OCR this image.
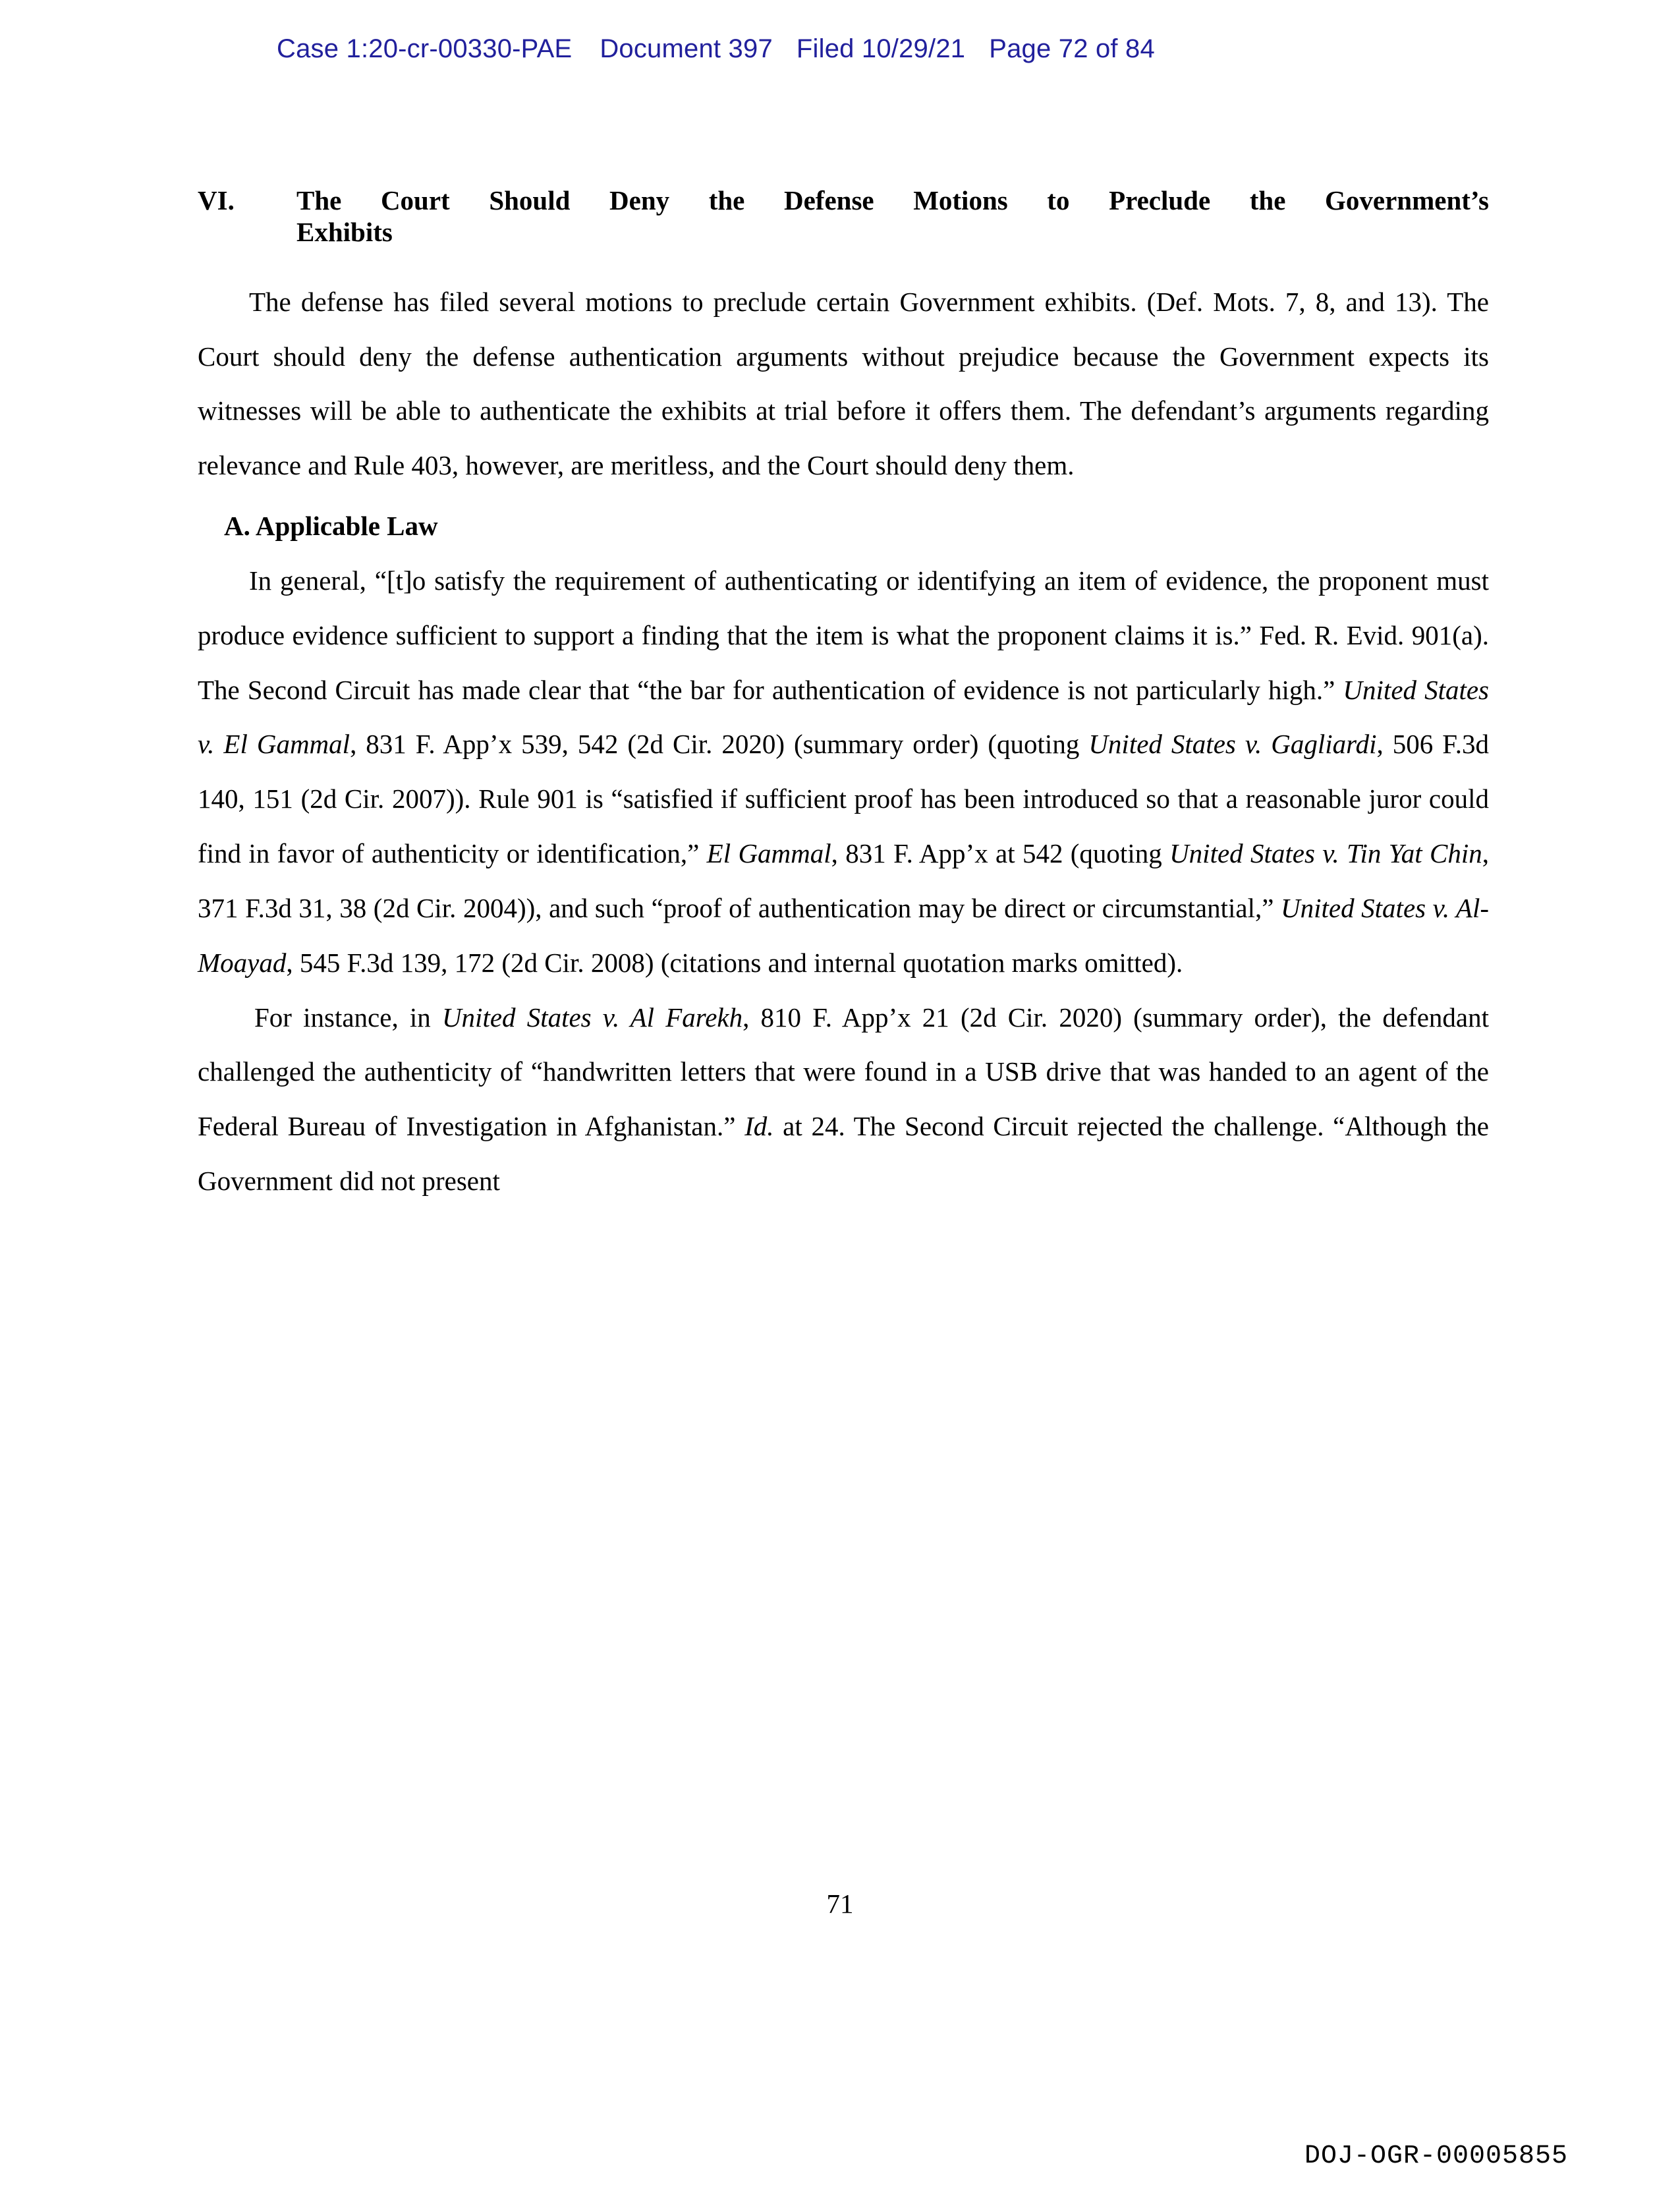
Case 1:20-cr-00330-PAE Document 397 Filed 10/29/21 Page 72 of 84
VI.	The Court Should Deny the Defense Motions to Preclude the Government’s
Exhibits

The defense has filed several motions to preclude certain Government exhibits. (Def. Mots. 7, 8, and 13). The Court should deny the defense authentication arguments without prejudice because the Government expects its witnesses will be able to authenticate the exhibits at trial before it offers them. The defendant’s arguments regarding relevance and Rule 403, however, are meritless, and the Court should deny them.

A. Applicable Law

In general, “[t]o satisfy the requirement of authenticating or identifying an item of evidence, the proponent must produce evidence sufficient to support a finding that the item is what the proponent claims it is.” Fed. R. Evid. 901(a). The Second Circuit has made clear that “the bar for authentication of evidence is not particularly high.” United States v. El Gammal, 831 F. App’x 539, 542 (2d Cir. 2020) (summary order) (quoting United States v. Gagliardi, 506 F.3d 140, 151 (2d Cir. 2007)). Rule 901 is “satisfied if sufficient proof has been introduced so that a reasonable juror could find in favor of authenticity or identification,” El Gammal, 831 F. App’x at 542 (quoting United States v. Tin Yat Chin, 371 F.3d 31, 38 (2d Cir. 2004)), and such “proof of authentication may be direct or circumstantial,” United States v. Al-Moayad, 545 F.3d 139, 172 (2d Cir. 2008) (citations and internal quotation marks omitted).

For instance, in United States v. Al Farekh, 810 F. App’x 21 (2d Cir. 2020) (summary order), the defendant challenged the authenticity of “handwritten letters that were found in a USB drive that was handed to an agent of the Federal Bureau of Investigation in Afghanistan.” Id. at 24. The Second Circuit rejected the challenge. “Although the Government did not present

71
DOJ-OGR-00005855
